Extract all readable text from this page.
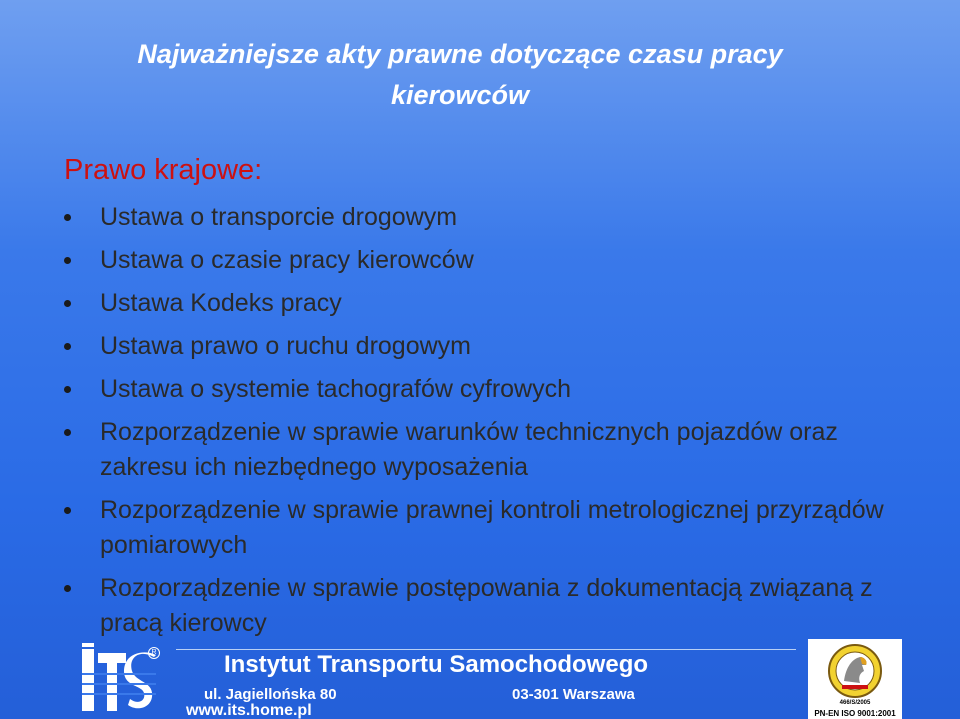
Najważniejsze akty prawne dotyczące czasu pracy
kierowców
Prawo krajowe:
Ustawa o transporcie drogowym
Ustawa o czasie pracy kierowców
Ustawa Kodeks pracy
Ustawa prawo o ruchu drogowym
Ustawa o systemie tachografów cyfrowych
Rozporządzenie w sprawie warunków technicznych pojazdów oraz zakresu ich niezbędnego wyposażenia
Rozporządzenie w sprawie prawnej kontroli metrologicznej przyrządów pomiarowych
Rozporządzenie w sprawie postępowania z dokumentacją związaną z pracą kierowcy
R	Instytut Transportu Samochodowego
ul. Jagiellońska 80	03-301 Warszawa
www.its.home.pl	466/S/2005
PN-EN ISO 9001:2001
